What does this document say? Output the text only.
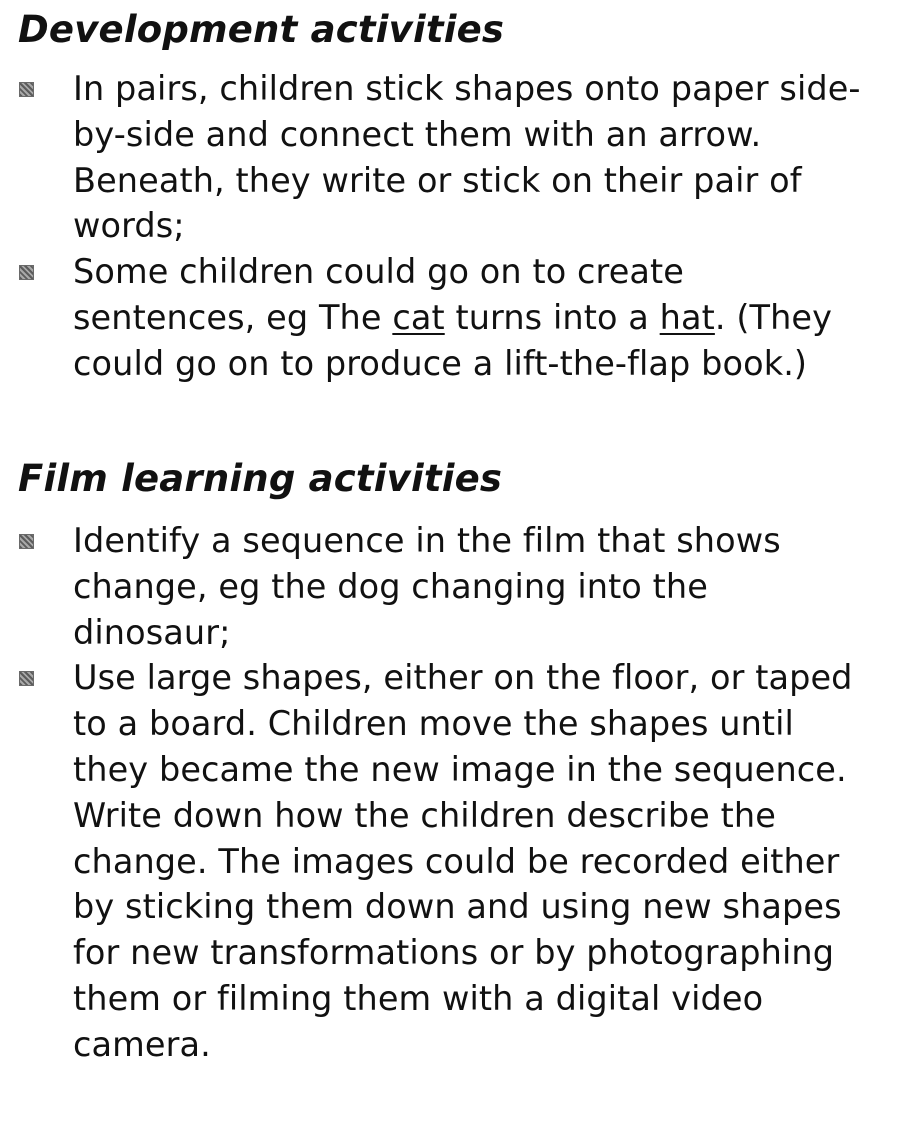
Development activities
In pairs, children stick shapes onto paper side-by-side and connect them with an arrow. Beneath, they write or stick on their pair of words;
Some children could go on to create sentences, eg The cat turns into a hat. (They could go on to produce a lift-the-flap book.)
Film learning activities
Identify a sequence in the film that shows change, eg the dog changing into the dinosaur;
Use large shapes, either on the floor, or taped to a board. Children move the shapes until they became the new image in the sequence. Write down how the children describe the change. The images could be recorded either by sticking them down and using new shapes for new transformations or by photographing them or filming them with a digital video camera.
